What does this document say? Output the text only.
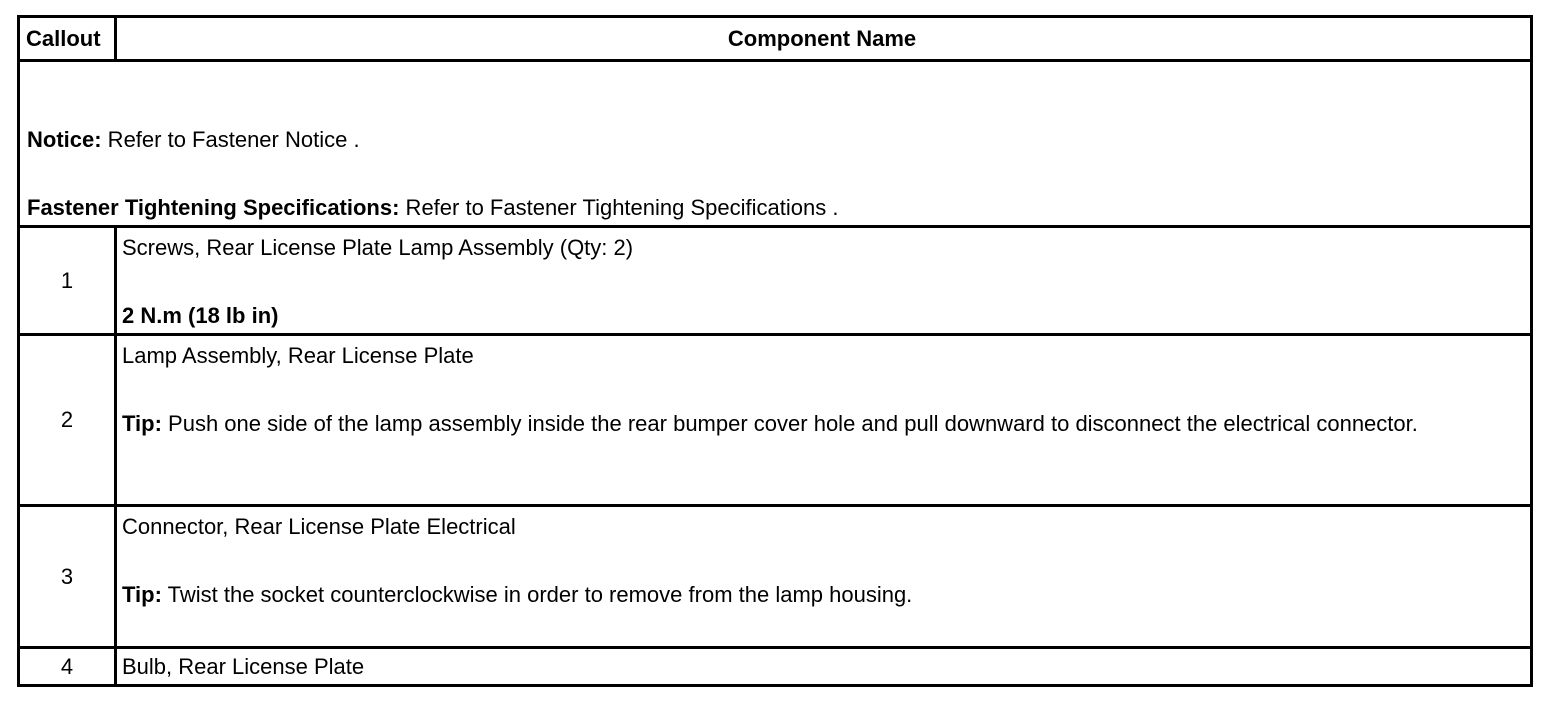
Callout	Component Name
Notice: Refer to Fastener Notice .
Fastener Tightening Specifications: Refer to Fastener Tightening Specifications .
1
Screws, Rear License Plate Lamp Assembly (Qty: 2)
2 N.m (18 lb in)
2
Lamp Assembly, Rear License Plate
Tip: Push one side of the lamp assembly inside the rear bumper cover hole and pull downward to disconnect the electrical connector.
3
Connector, Rear License Plate Electrical
Tip: Twist the socket counterclockwise in order to remove from the lamp housing.
4	Bulb, Rear License Plate
